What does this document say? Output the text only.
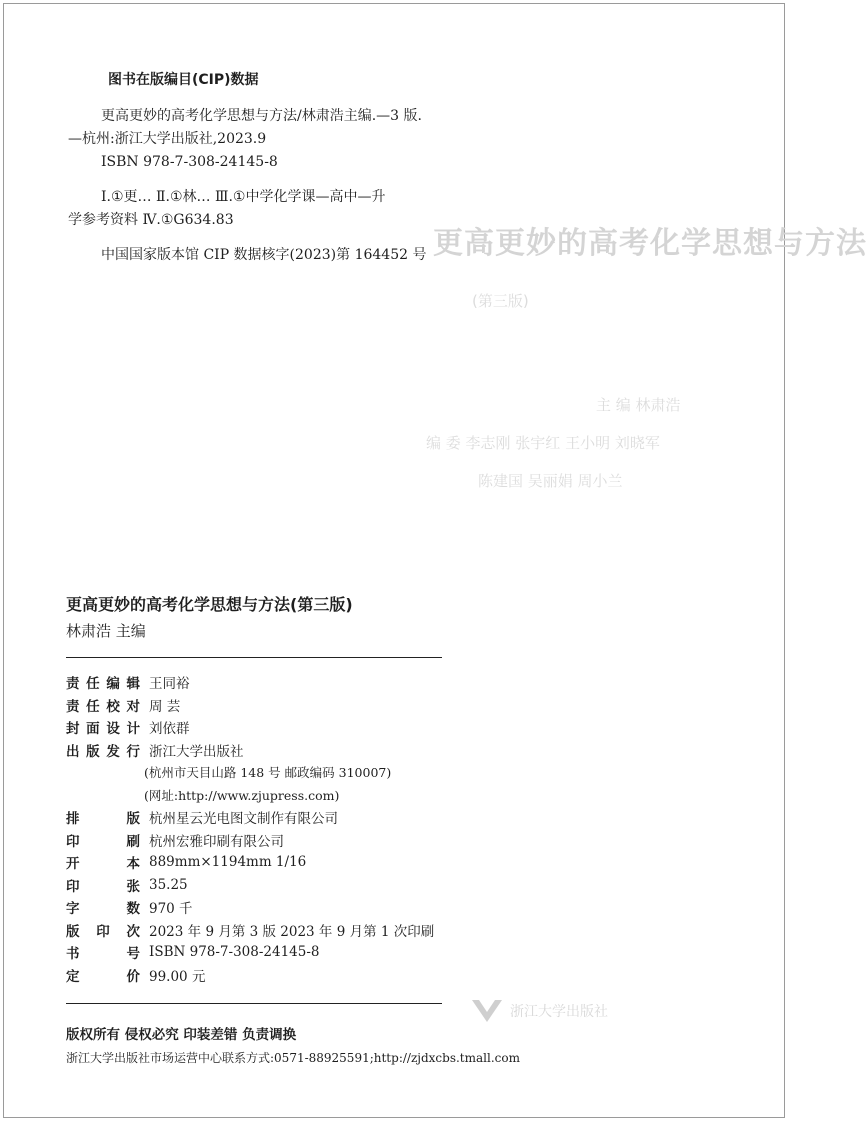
更高更妙的高考化学思想与方法
(第三版)
主 编 林肃浩
编 委 李志刚 张宇红 王小明 刘晓军
陈建国 吴丽娟 周小兰
浙江大学出版社
图书在版编目(CIP)数据
更高更妙的高考化学思想与方法/林肃浩主编.—3 版.
—杭州:浙江大学出版社,2023.9
ISBN 978-7-308-24145-8
Ⅰ.①更… Ⅱ.①林… Ⅲ.①中学化学课—高中—升
学参考资料 Ⅳ.①G634.83
中国国家版本馆 CIP 数据核字(2023)第 164452 号
更高更妙的高考化学思想与方法(第三版)
林肃浩 主编
责 任 编 辑 王同裕
责 任 校 对 周 芸
封 面 设 计 刘依群
出 版 发 行 浙江大学出版社
(杭州市天目山路 148 号 邮政编码 310007)
(网址:http://www.zjupress.com)
排	版 杭州星云光电图文制作有限公司
印	刷 杭州宏雅印刷有限公司
开	本 889mm×1194mm 1/16
印	张 35.25
字	数 970 千
版 印 次 2023 年 9 月第 3 版 2023 年 9 月第 1 次印刷
书	号 ISBN 978-7-308-24145-8
定	价 99.00 元
版权所有 侵权必究 印装差错 负责调换
浙江大学出版社市场运营中心联系方式:0571-88925591;http://zjdxcbs.tmall.com
